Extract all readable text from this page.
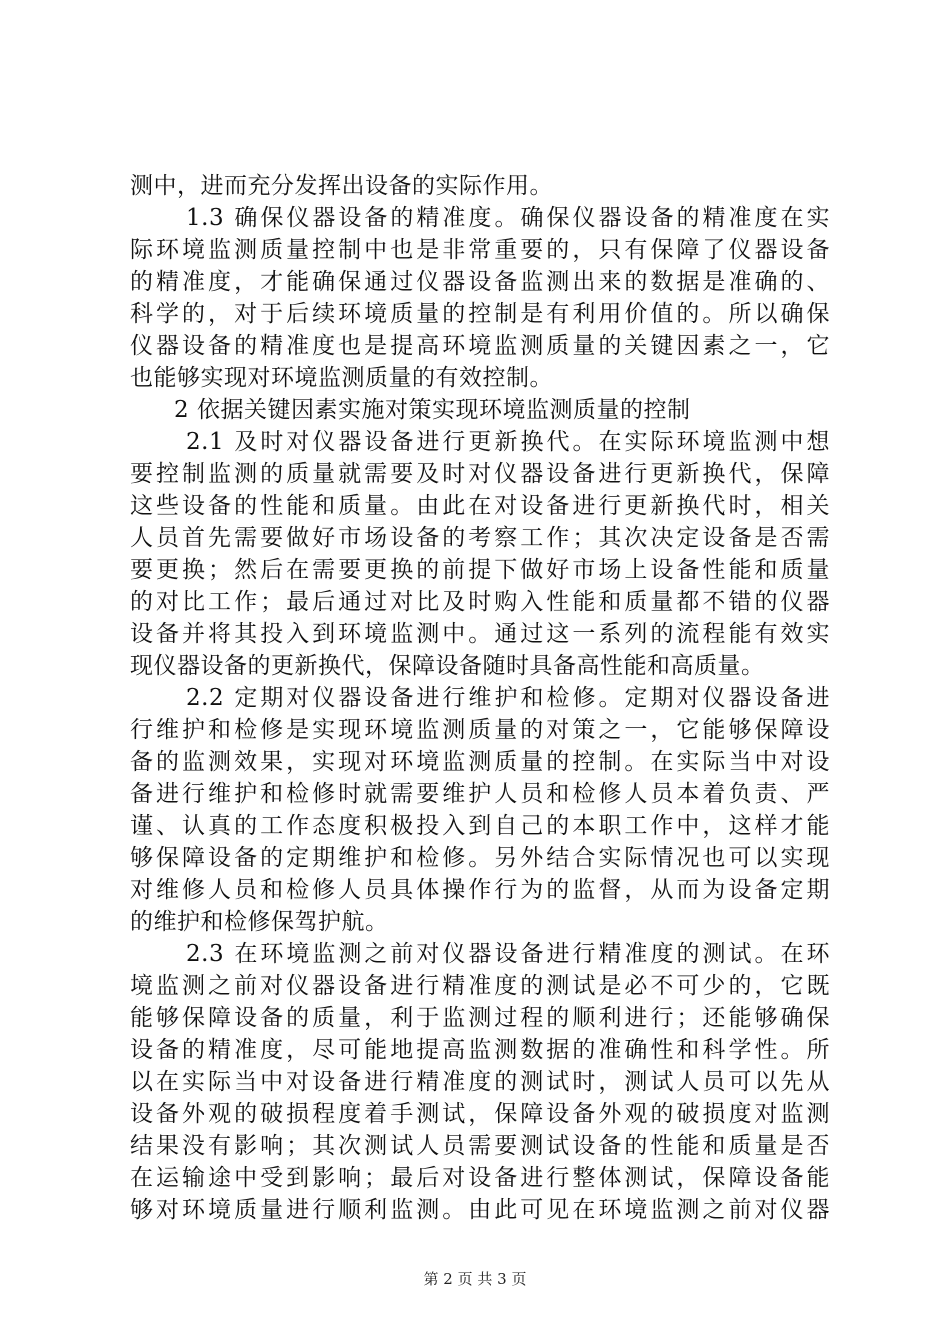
测中，进而充分发挥出设备的实际作用。
1.3 确保仪器设备的精准度。确保仪器设备的精准度在实
际环境监测质量控制中也是非常重要的，只有保障了仪器设备
的精准度，才能确保通过仪器设备监测出来的数据是准确的、
科学的，对于后续环境质量的控制是有利用价值的。所以确保
仪器设备的精准度也是提高环境监测质量的关键因素之一，它
也能够实现对环境监测质量的有效控制。
2 依据关键因素实施对策实现环境监测质量的控制
2.1 及时对仪器设备进行更新换代。在实际环境监测中想
要控制监测的质量就需要及时对仪器设备进行更新换代，保障
这些设备的性能和质量。由此在对设备进行更新换代时，相关
人员首先需要做好市场设备的考察工作；其次决定设备是否需
要更换；然后在需要更换的前提下做好市场上设备性能和质量
的对比工作；最后通过对比及时购入性能和质量都不错的仪器
设备并将其投入到环境监测中。通过这一系列的流程能有效实
现仪器设备的更新换代，保障设备随时具备高性能和高质量。
2.2 定期对仪器设备进行维护和检修。定期对仪器设备进
行维护和检修是实现环境监测质量的对策之一，它能够保障设
备的监测效果，实现对环境监测质量的控制。在实际当中对设
备进行维护和检修时就需要维护人员和检修人员本着负责、严
谨、认真的工作态度积极投入到自己的本职工作中，这样才能
够保障设备的定期维护和检修。另外结合实际情况也可以实现
对维修人员和检修人员具体操作行为的监督，从而为设备定期
的维护和检修保驾护航。
2.3 在环境监测之前对仪器设备进行精准度的测试。在环
境监测之前对仪器设备进行精准度的测试是必不可少的，它既
能够保障设备的质量，利于监测过程的顺利进行；还能够确保
设备的精准度，尽可能地提高监测数据的准确性和科学性。所
以在实际当中对设备进行精准度的测试时，测试人员可以先从
设备外观的破损程度着手测试，保障设备外观的破损度对监测
结果没有影响；其次测试人员需要测试设备的性能和质量是否
在运输途中受到影响；最后对设备进行整体测试，保障设备能
够对环境质量进行顺利监测。由此可见在环境监测之前对仪器
第 2 页 共 3 页
